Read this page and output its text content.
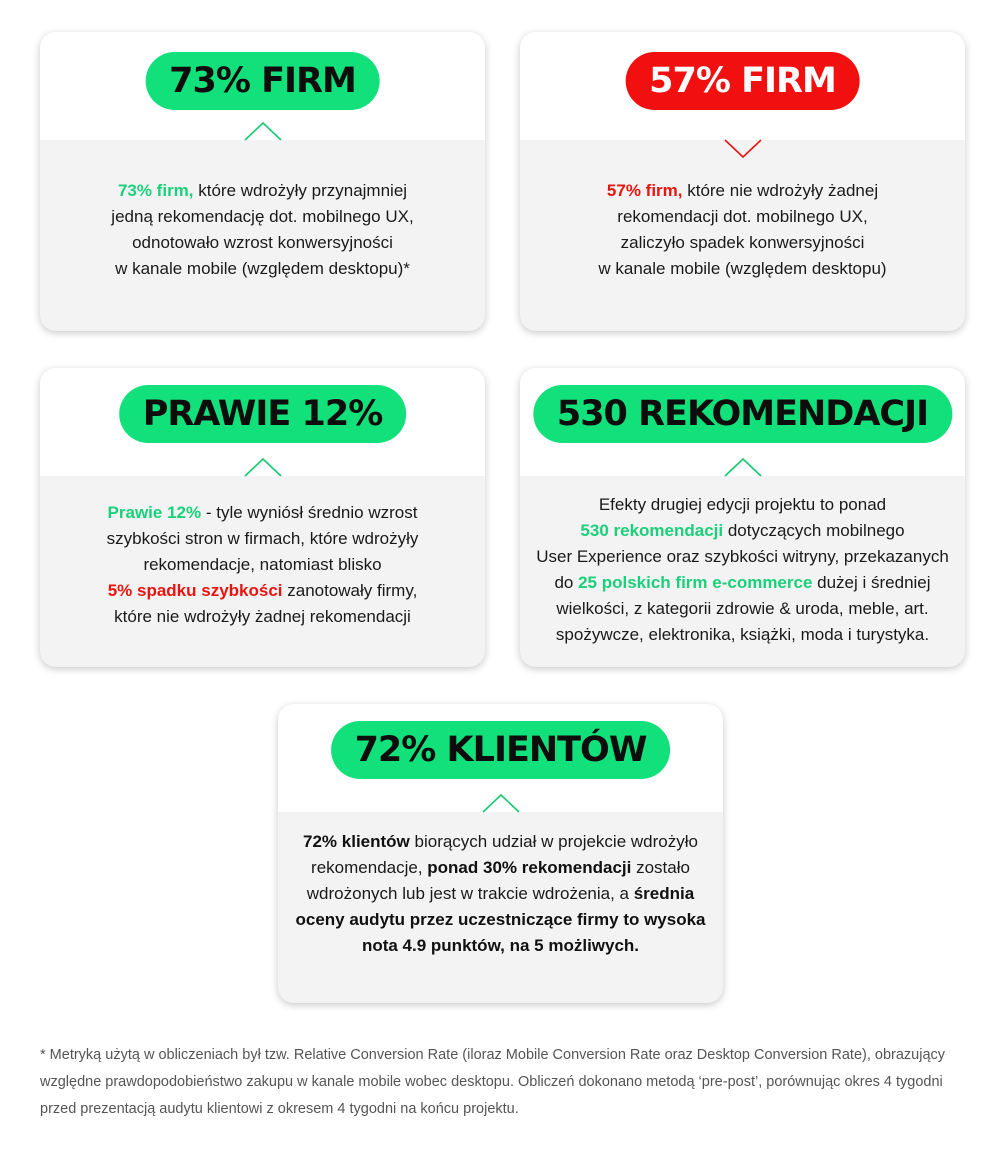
73% FIRM
73% firm, które wdrożyły przynajmniej
jedną rekomendację dot. mobilnego UX,
odnotowało wzrost konwersyjności
w kanale mobile (względem desktopu)*
57% FIRM
57% firm, które nie wdrożyły żadnej
rekomendacji dot. mobilnego UX,
zaliczyło spadek konwersyjności
w kanale mobile (względem desktopu)
PRAWIE 12%
Prawie 12% - tyle wyniósł średnio wzrost
szybkości stron w firmach, które wdrożyły
rekomendacje, natomiast blisko
5% spadku szybkości zanotowały firmy,
które nie wdrożyły żadnej rekomendacji
530 REKOMENDACJI
Efekty drugiej edycji projektu to ponad
530 rekomendacji dotyczących mobilnego
User Experience oraz szybkości witryny, przekazanych
do 25 polskich firm e-commerce dużej i średniej
wielkości, z kategorii zdrowie & uroda, meble, art.
spożywcze, elektronika, książki, moda i turystyka.
72% KLIENTÓW
72% klientów biorących udział w projekcie wdrożyło
rekomendacje, ponad 30% rekomendacji zostało
wdrożonych lub jest w trakcie wdrożenia, a średnia
oceny audytu przez uczestniczące firmy to wysoka
nota 4.9 punktów, na 5 możliwych.
* Metryką użytą w obliczeniach był tzw. Relative Conversion Rate (iloraz Mobile Conversion Rate oraz Desktop Conversion Rate), obrazujący
względne prawdopodobieństwo zakupu w kanale mobile wobec desktopu. Obliczeń dokonano metodą ‘pre-post’, porównując okres 4 tygodni
przed prezentacją audytu klientowi z okresem 4 tygodni na końcu projektu.
